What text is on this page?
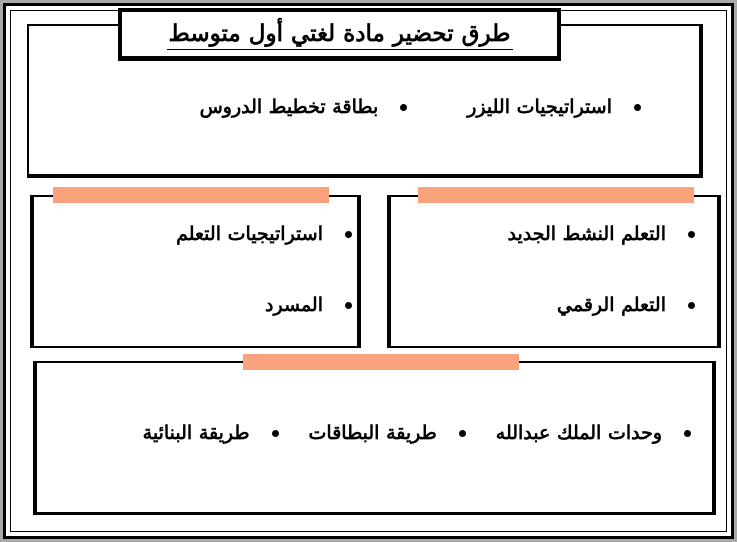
طرق تحضير مادة لغتي أول متوسط
استراتيجيات الليزر
بطاقة تخطيط الدروس
التعلم النشط الجديد
التعلم الرقمي
استراتيجيات التعلم
المسرد
وحدات الملك عبدالله
طريقة البطاقات
طريقة البنائية
